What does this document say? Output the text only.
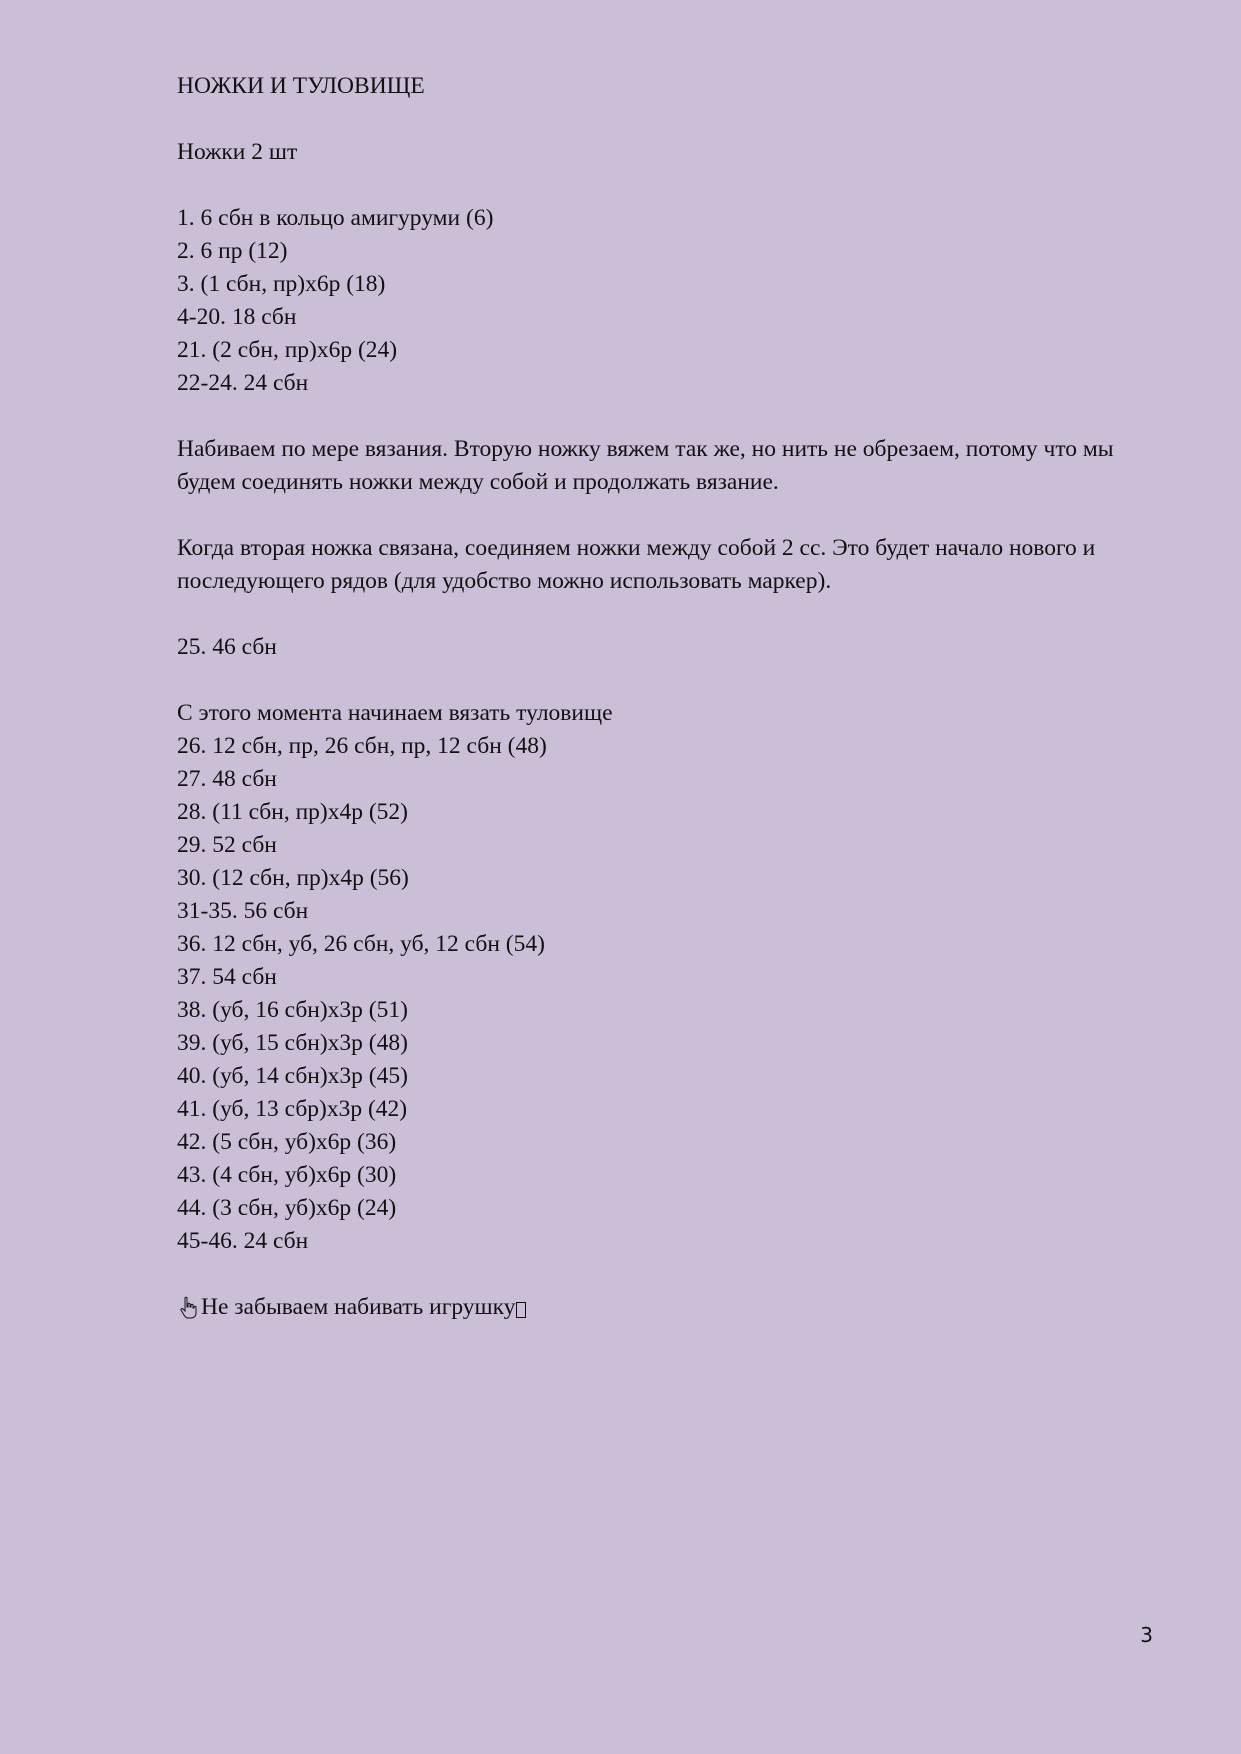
НОЖКИ И ТУЛОВИЩЕ

Ножки 2 шт

1. 6 сбн в кольцо амигуруми (6)

2. 6 пр (12)

3. (1 сбн, пр)х6р (18)

4-20. 18 сбн

21. (2 сбн, пр)х6р (24)

22-24. 24 сбн

Набиваем по мере вязания. Вторую ножку вяжем так же, но нить не обрезаем, потому что мы будем соединять ножки между собой и продолжать вязание.

Когда вторая ножка связана, соединяем ножки между собой 2 сс. Это будет начало нового и последующего рядов (для удобство можно использовать маркер).

25. 46 сбн

С этого момента начинаем вязать туловище

26. 12 сбн, пр, 26 сбн, пр, 12 сбн (48)

27. 48 сбн

28. (11 сбн, пр)х4р (52)

29. 52 сбн

30. (12 сбн, пр)х4р (56)

31-35. 56 сбн

36. 12 сбн, уб, 26 сбн, уб, 12 сбн (54)

37. 54 сбн

38. (уб, 16 сбн)х3р (51)

39. (уб, 15 сбн)х3р (48)

40. (уб, 14 сбн)х3р (45)

41. (уб, 13 сбр)х3р (42)

42. (5 сбн, уб)х6р (36)

43. (4 сбн, уб)х6р (30)

44. (3 сбн, уб)х6р (24)

45-46. 24 сбн

Не забываем набивать игрушку

3
